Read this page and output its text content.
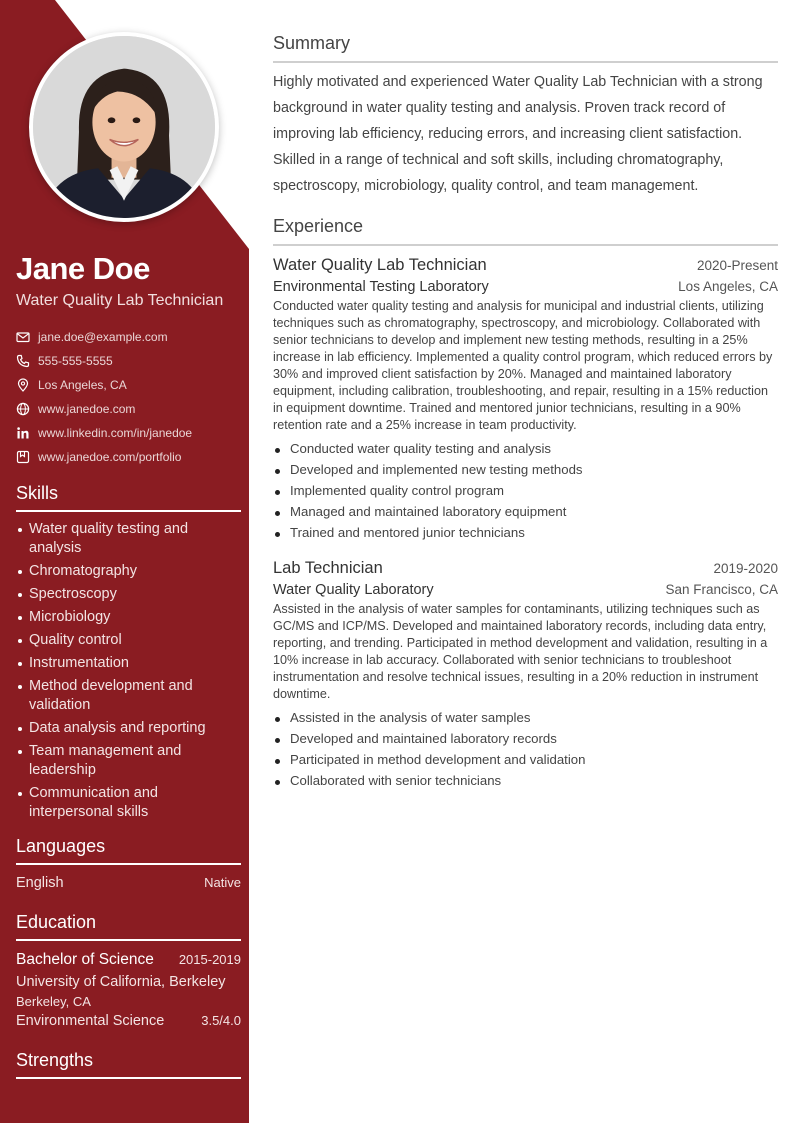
Jane Doe
Water Quality Lab Technician
jane.doe@example.com
555-555-5555
Los Angeles, CA
www.janedoe.com
www.linkedin.com/in/janedoe
www.janedoe.com/portfolio
Skills
Water quality testing and analysis
Chromatography
Spectroscopy
Microbiology
Quality control
Instrumentation
Method development and validation
Data analysis and reporting
Team management and leadership
Communication and interpersonal skills
Languages
English	Native
Education
Bachelor of Science 2015-2019
University of California, Berkeley
Berkeley, CA
Environmental Science	3.5/4.0
Strengths
Summary

Highly motivated and experienced Water Quality Lab Technician with a strong background in water quality testing and analysis. Proven track record of improving lab efficiency, reducing errors, and increasing client satisfaction. Skilled in a range of technical and soft skills, including chromatography, spectroscopy, microbiology, quality control, and team management.

Experience
Water Quality Lab Technician	2020-Present
Environmental Testing Laboratory	Los Angeles, CA

Conducted water quality testing and analysis for municipal and industrial clients, utilizing techniques such as chromatography, spectroscopy, and microbiology. Collaborated with senior technicians to develop and implement new testing methods, resulting in a 25% increase in lab efficiency. Implemented a quality control program, which reduced errors by 30% and improved client satisfaction by 20%. Managed and maintained laboratory equipment, including calibration, troubleshooting, and repair, resulting in a 15% reduction in equipment downtime. Trained and mentored junior technicians, resulting in a 90% retention rate and a 25% increase in team productivity.

Conducted water quality testing and analysis
Developed and implemented new testing methods
Implemented quality control program
Managed and maintained laboratory equipment
Trained and mentored junior technicians
Lab Technician	2019-2020
Water Quality Laboratory	San Francisco, CA

Assisted in the analysis of water samples for contaminants, utilizing techniques such as GC/MS and ICP/MS. Developed and maintained laboratory records, including data entry, reporting, and trending. Participated in method development and validation, resulting in a 10% increase in lab accuracy. Collaborated with senior technicians to troubleshoot instrumentation and resolve technical issues, resulting in a 20% reduction in instrument downtime.

Assisted in the analysis of water samples
Developed and maintained laboratory records
Participated in method development and validation
Collaborated with senior technicians
